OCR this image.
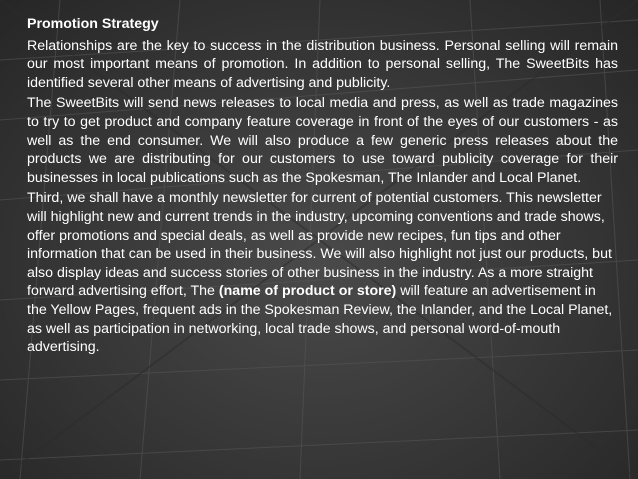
Promotion Strategy

Relationships are the key to success in the distribution business. Personal selling will remain our most important means of promotion. In addition to personal selling, The SweetBits has identified several other means of advertising and publicity.

The SweetBits will send news releases to local media and press, as well as trade magazines to try to get product and company feature coverage in front of the eyes of our customers - as well as the end consumer. We will also produce a few generic press releases about the products we are distributing for our customers to use toward publicity coverage for their businesses in local publications such as the Spokesman, The Inlander and Local Planet.

Third, we shall have a monthly newsletter for current of potential customers. This newsletter will highlight new and current trends in the industry, upcoming conventions and trade shows, offer promotions and special deals, as well as provide new recipes, fun tips and other information that can be used in their business. We will also highlight not just our products, but also display ideas and success stories of other business in the industry. As a more straight forward advertising effort, The (name of product or store) will feature an advertisement in the Yellow Pages, frequent ads in the Spokesman Review, the Inlander, and the Local Planet, as well as participation in networking, local trade shows, and personal word-of-mouth advertising.
